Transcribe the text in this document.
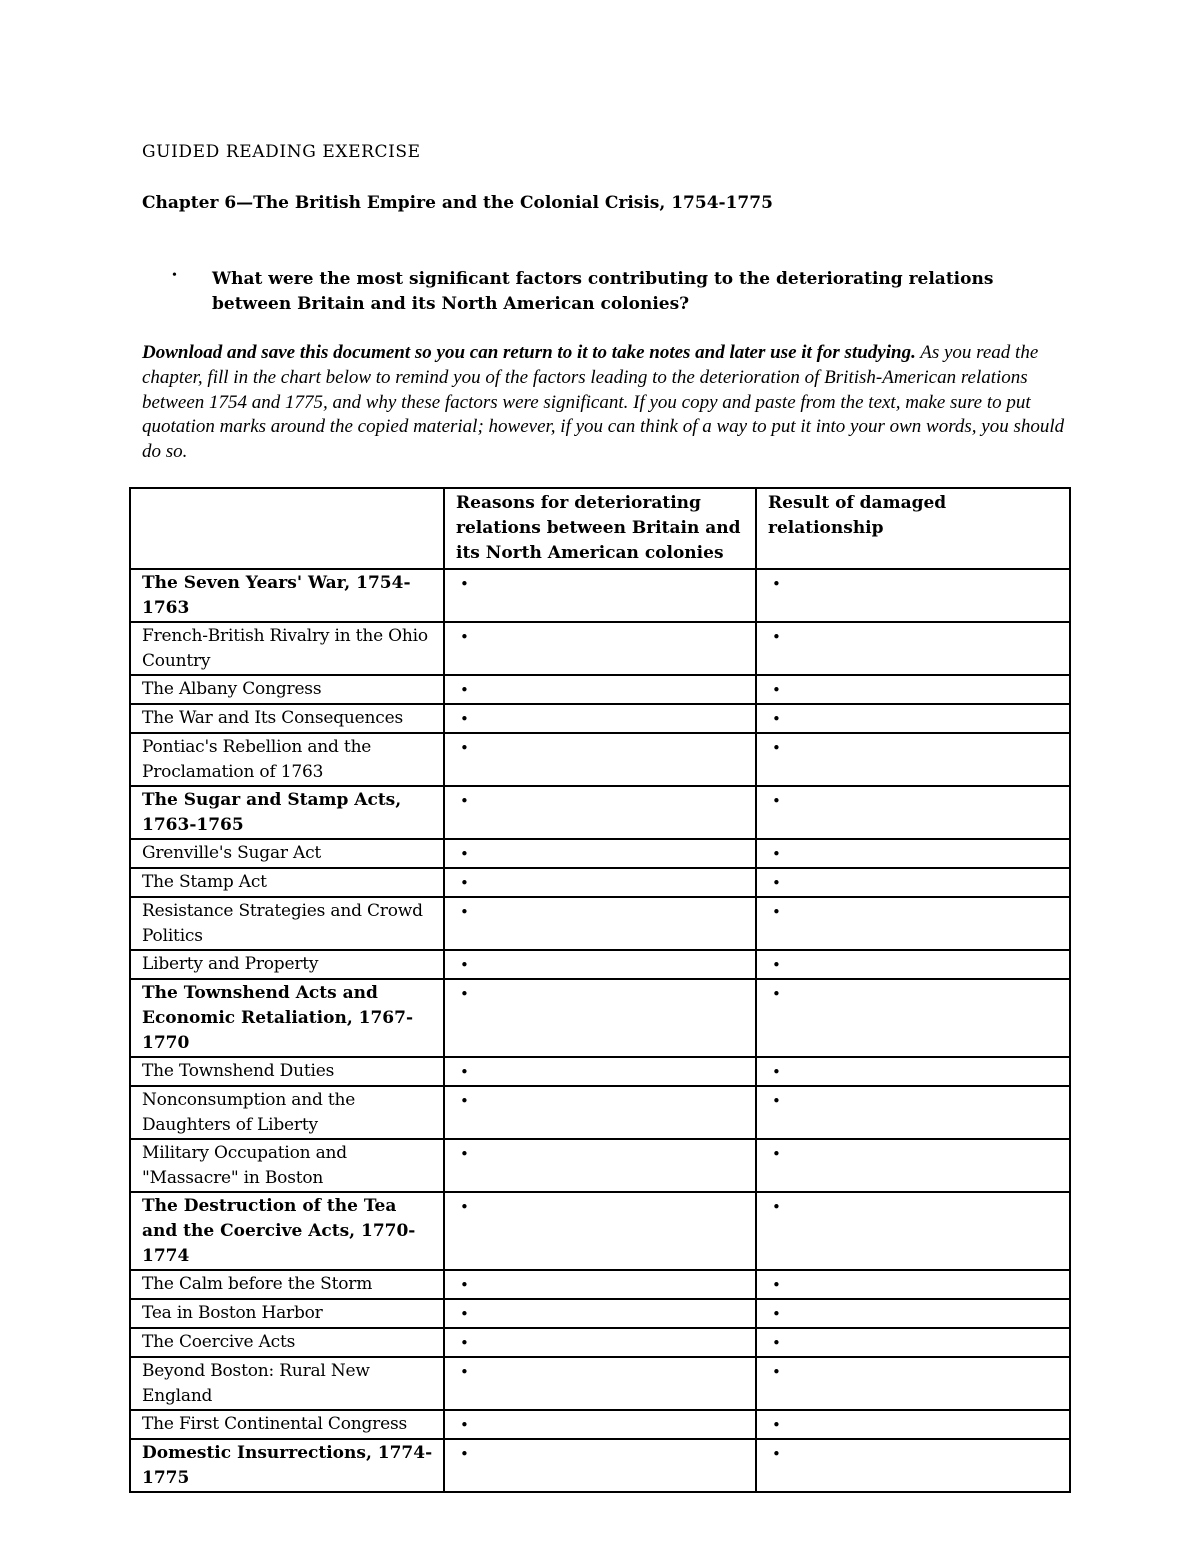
GUIDED READING EXERCISE
Chapter 6—The British Empire and the Colonial Crisis, 1754-1775
• What were the most significant factors contributing to the deteriorating relations between Britain and its North American colonies?
Download and save this document so you can return to it to take notes and later use it for studying. As you read the chapter, fill in the chart below to remind you of the factors leading to the deterioration of British-American relations between 1754 and 1775, and why these factors were significant. If you copy and paste from the text, make sure to put quotation marks around the copied material; however, if you can think of a way to put it into your own words, you should do so.
	Reasons for deteriorating relations between Britain and its North American colonies	Result of damaged relationship
The Seven Years' War, 1754-1763	•	•
French-British Rivalry in the Ohio Country	•	•
The Albany Congress	•	•
The War and Its Consequences	•	•
Pontiac's Rebellion and the Proclamation of 1763	•	•
The Sugar and Stamp Acts, 1763-1765	•	•
Grenville's Sugar Act	•	•
The Stamp Act	•	•
Resistance Strategies and Crowd Politics	•	•
Liberty and Property	•	•
The Townshend Acts and Economic Retaliation, 1767-1770	•	•
The Townshend Duties	•	•
Nonconsumption and the Daughters of Liberty	•	•
Military Occupation and "Massacre" in Boston	•	•
The Destruction of the Tea and the Coercive Acts, 1770-1774	•	•
The Calm before the Storm	•	•
Tea in Boston Harbor	•	•
The Coercive Acts	•	•
Beyond Boston: Rural New England	•	•
The First Continental Congress	•	•
Domestic Insurrections, 1774-1775	•	•
